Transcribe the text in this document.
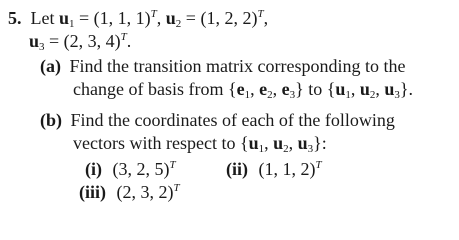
5.  Let $u_1 = (1$, 1, 1)$^T$, $u_2 = (1$, 2, 2)$^T$,
$u_3 = (2$, 3, 4)$^T$.
(a) Find the transition matrix corresponding to the
change of basis from {$e_1$, $e_2$, $e_3$} to {$u_1$, $u_2$, $u_3$}.
(b) Find the coordinates of each of the following
vectors with respect to {$u_1$, $u_2$, $u_3$}:
(i) (3, 2, 5)$^T$	(ii) (1, 1, 2)$^T$
(iii) (2, 3, 2)$^T$
